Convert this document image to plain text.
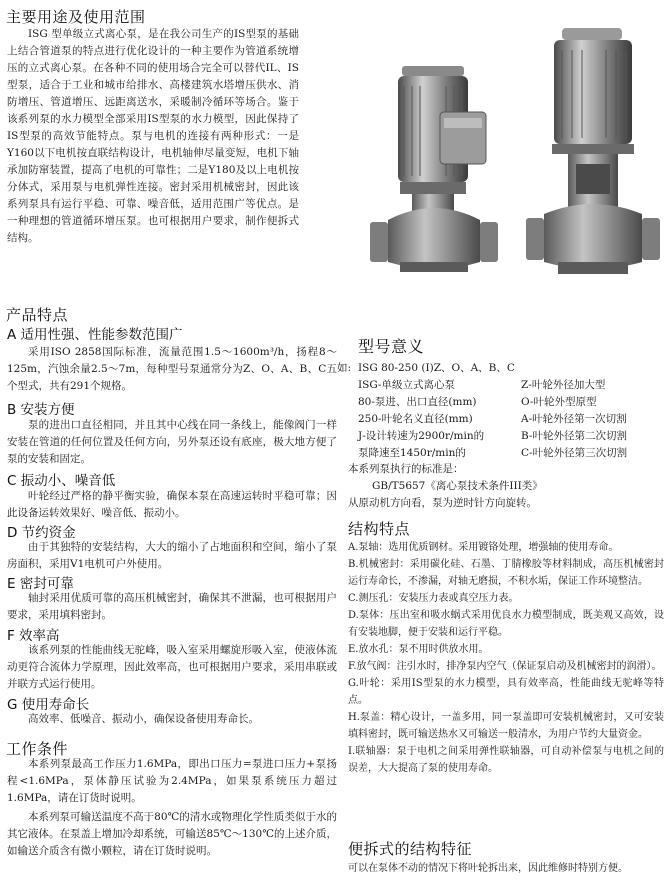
主要用途及使用范围
ISG 型单级立式离心泵，是在我公司生产的IS型泵的基础上结合管道泵的特点进行优化设计的一种主要作为管道系统增压的立式离心泵。在各种不同的使用场合完全可以替代IL、IS型泵，适合于工业和城市给排水、高楼建筑水塔增压供水、消防增压、管道增压、远距离送水，采暖制冷循环等场合。鉴于该系列泵的水力模型全部采用IS型泵的水力模型，因此保持了IS型泵的高效节能特点。泵与电机的连接有两种形式：一是Y160以下电机按直联结构设计，电机轴伸尽量变短，电机下轴承加防窜装置，提高了电机的可靠性；二是Y180及以上电机按分体式，采用泵与电机弹性连接。密封采用机械密封，因此该系列泵具有运行平稳、可靠、噪音低，适用范围广等优点。是一种理想的管道循环增压泵。也可根据用户要求，制作便拆式结构。
产品特点
A 适用性强、性能参数范围广
采用ISO 2858国际标准，流量范围1.5～1600m³/h，扬程8～125m，汽蚀余量2.5～7m，每种型号泵通常分为Z、O、A、B、C五个型式，共有291个规格。
B 安装方便
泵的进出口直径相同，并且其中心线在同一条线上，能像阀门一样安装在管道的任何位置及任何方向，另外泵还设有底座，极大地方便了泵的安装和固定。
C 振动小、噪音低
叶轮经过严格的静平衡实验，确保本泵在高速运转时平稳可靠；因此设备运转效果好、噪音低、振动小。
D 节约资金
由于其独特的安装结构，大大的缩小了占地面积和空间，缩小了泵房面积，采用V1电机可户外使用。
E 密封可靠
轴封采用优质可靠的高压机械密封，确保其不泄漏，也可根据用户要求，采用填料密封。
F 效率高
该系列泵的性能曲线无驼峰，吸入室采用螺旋形吸入室，使液体流动更符合流体力学原理，因此效率高，也可根据用户要求，采用串联或并联方式运行使用。
G 使用寿命长
高效率、低噪音、振动小，确保设备使用寿命长。
工作条件
本系列泵最高工作压力1.6MPa，即出口压力=泵进口压力+泵扬程<1.6MPa，泵体静压试验为2.4MPa，如果泵系统压力超过1.6MPa，请在订货时说明。
本系列泵可输送温度不高于80℃的清水或物理化学性质类似于水的其它液体。在泵盖上增加冷却系统，可输送85℃～130℃的上述介质，如输送介质含有微小颗粒，请在订货时说明。
型号意义
如: ISG 80-250 (I)Z、O、A、B、C
ISG-单级立式离心泵
80-泵进、出口直径(mm)
250-叶轮名义直径(mm)
J-设计转速为2900r/min的
泵降速至1450r/min的
Z-叶轮外径加大型
O-叶轮外型原型
A-叶轮外径第一次切割
B-叶轮外径第二次切割
C-叶轮外径第三次切割
本系列泵执行的标准是：
GB/T5657《离心泵技术条件III类》
从原动机方向看，泵为逆时针方向旋转。
结构特点

A.泵轴：选用优质钢材。采用镀铬处理，增强轴的使用寿命。

B.机械密封：采用碳化硅、石墨、丁腈橡胶等材料制成，高压机械密封运行寿命长，不渗漏，对轴无磨损，不积水垢，保证工作环境整洁。

C.测压孔：安装压力表或真空压力表。

D.泵体：压出室和吸水蜗式采用优良水力模型制成，既美观又高效，设有安装地脚，便于安装和运行平稳。

E.放水孔：泵不用时供放水用。

F.放气阀：注引水时，排净泵内空气（保证泵启动及机械密封的润滑）。

G.叶轮：采用IS型泵的水力模型，具有效率高，性能曲线无驼峰等特点。

H.泵盖：精心设计，一盖多用，同一泵盖即可安装机械密封，又可安装填料密封，既可输送热水又可输送一般清水，为用户节约大量资金。

I.联轴器：泵于电机之间采用弹性联轴器，可自动补偿泵与电机之间的误差，大大提高了泵的使用寿命。

便拆式的结构特征
可以在泵体不动的情况下将叶轮拆出来，因此维修时特别方便。
